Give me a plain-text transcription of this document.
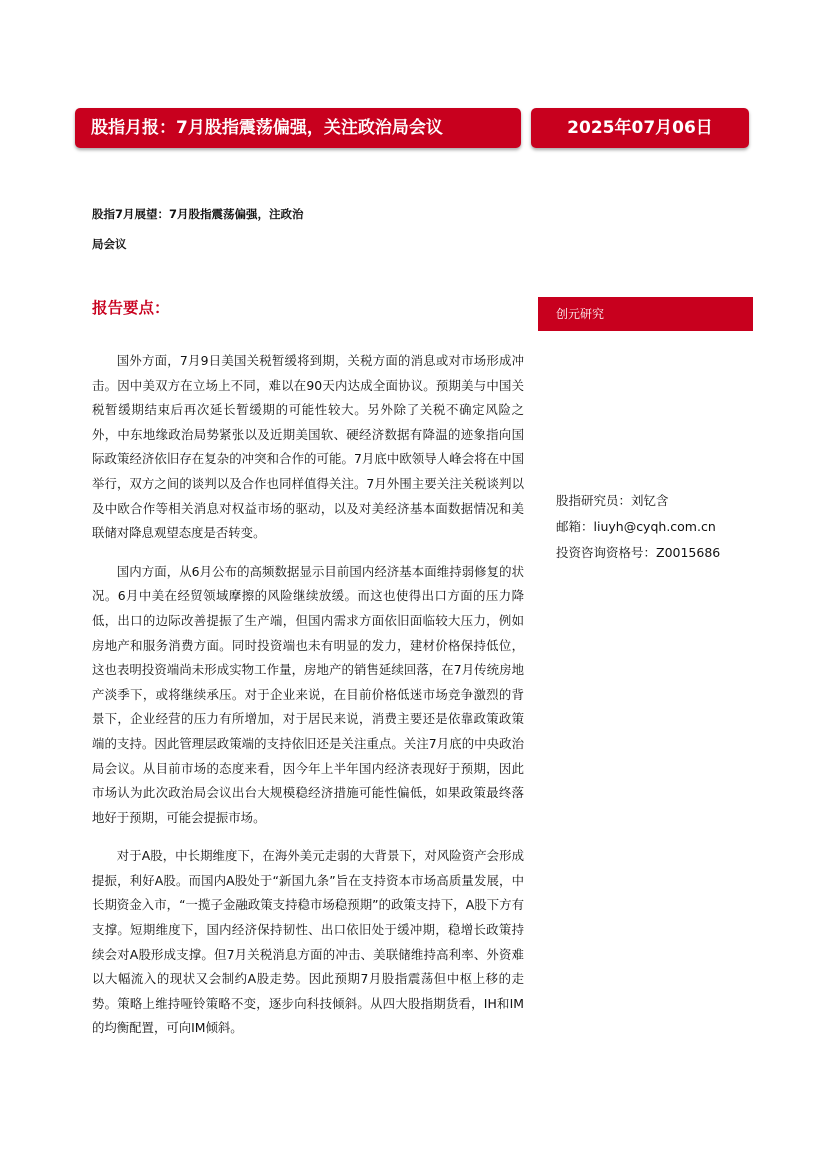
股指月报：7月股指震荡偏强，关注政治局会议	2025年07月06日
股指7月展望：7月股指震荡偏强，注政治
局会议
报告要点：	创元研究
股指研究员：刘钇含
邮箱：liuyh@cyqh.com.cn
投资咨询资格号：Z0015686

国外方面，7月9日美国关税暂缓将到期，关税方面的消息或对市场形成冲击。因中美双方在立场上不同，难以在90天内达成全面协议。预期美与中国关税暂缓期结束后再次延长暂缓期的可能性较大。另外除了关税不确定风险之外，中东地缘政治局势紧张以及近期美国软、硬经济数据有降温的迹象指向国际政策经济依旧存在复杂的冲突和合作的可能。7月底中欧领导人峰会将在中国举行，双方之间的谈判以及合作也同样值得关注。7月外围主要关注关税谈判以及中欧合作等相关消息对权益市场的驱动，以及对美经济基本面数据情况和美联储对降息观望态度是否转变。

国内方面，从6月公布的高频数据显示目前国内经济基本面维持弱修复的状况。6月中美在经贸领域摩擦的风险继续放缓。而这也使得出口方面的压力降低，出口的边际改善提振了生产端，但国内需求方面依旧面临较大压力，例如房地产和服务消费方面。同时投资端也未有明显的发力，建材价格保持低位，这也表明投资端尚未形成实物工作量，房地产的销售延续回落，在7月传统房地产淡季下，或将继续承压。对于企业来说，在目前价格低迷市场竞争激烈的背景下，企业经营的压力有所增加，对于居民来说，消费主要还是依靠政策政策端的支持。因此管理层政策端的支持依旧还是关注重点。关注7月底的中央政治局会议。从目前市场的态度来看，因今年上半年国内经济表现好于预期，因此市场认为此次政治局会议出台大规模稳经济措施可能性偏低，如果政策最终落地好于预期，可能会提振市场。

对于A股，中长期维度下，在海外美元走弱的大背景下，对风险资产会形成提振，利好A股。而国内A股处于“新国九条”旨在支持资本市场高质量发展，中长期资金入市，“一揽子金融政策支持稳市场稳预期”的政策支持下，A股下方有支撑。短期维度下，国内经济保持韧性、出口依旧处于缓冲期，稳增长政策持续会对A股形成支撑。但7月关税消息方面的冲击、美联储维持高利率、外资难以大幅流入的现状又会制约A股走势。因此预期7月股指震荡但中枢上移的走势。策略上维持哑铃策略不变，逐步向科技倾斜。从四大股指期货看，IH和IM的均衡配置，可向IM倾斜。
